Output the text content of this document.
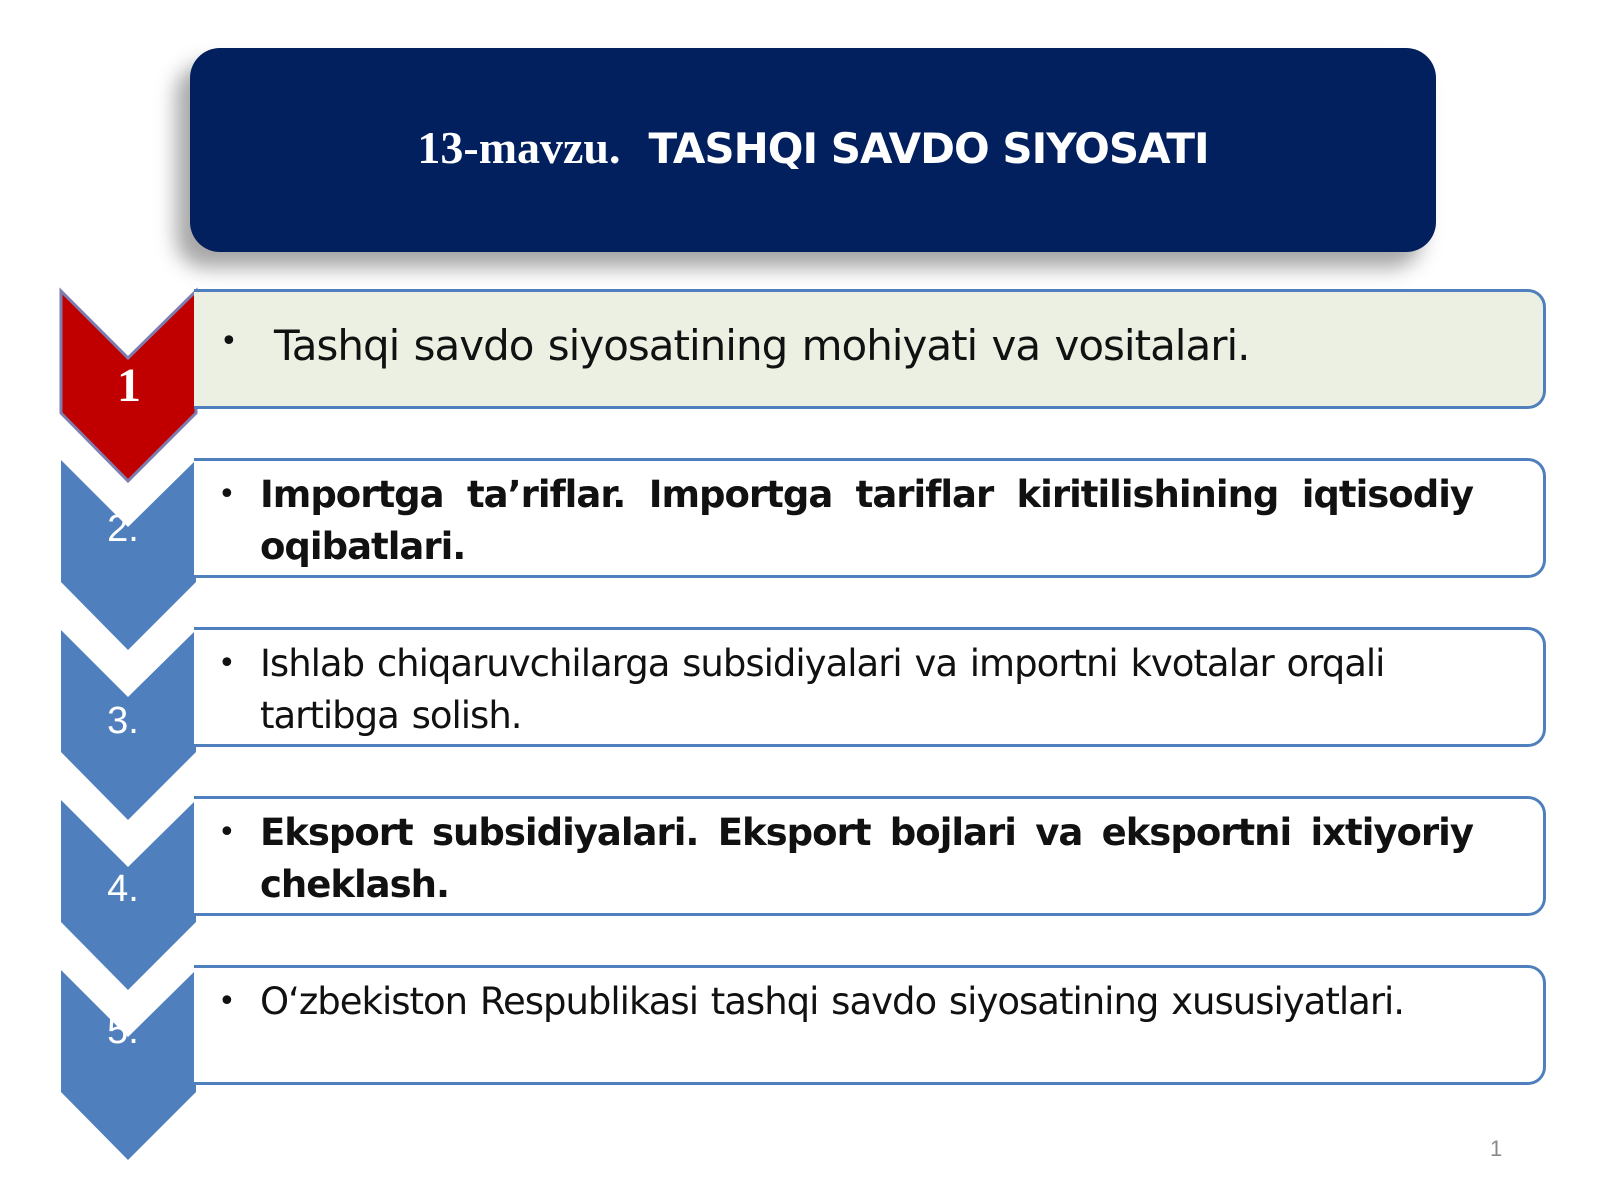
13-mavzu. TASHQI SAVDO SIYOSATI
1
2.
3.
4.
5.
• Tashqi savdo siyosatining mohiyati va vositalari.
• Importga ta’riflar. Importga tariflar kiritilishining iqtisodiy oqibatlari.
• Ishlab chiqaruvchilarga subsidiyalari va importni kvotalar orqali tartibga solish.
• Eksport subsidiyalari. Eksport bojlari va eksportni ixtiyoriy cheklash.
• O‘zbekiston Respublikasi tashqi savdo siyosatining xususiyatlari.
1
